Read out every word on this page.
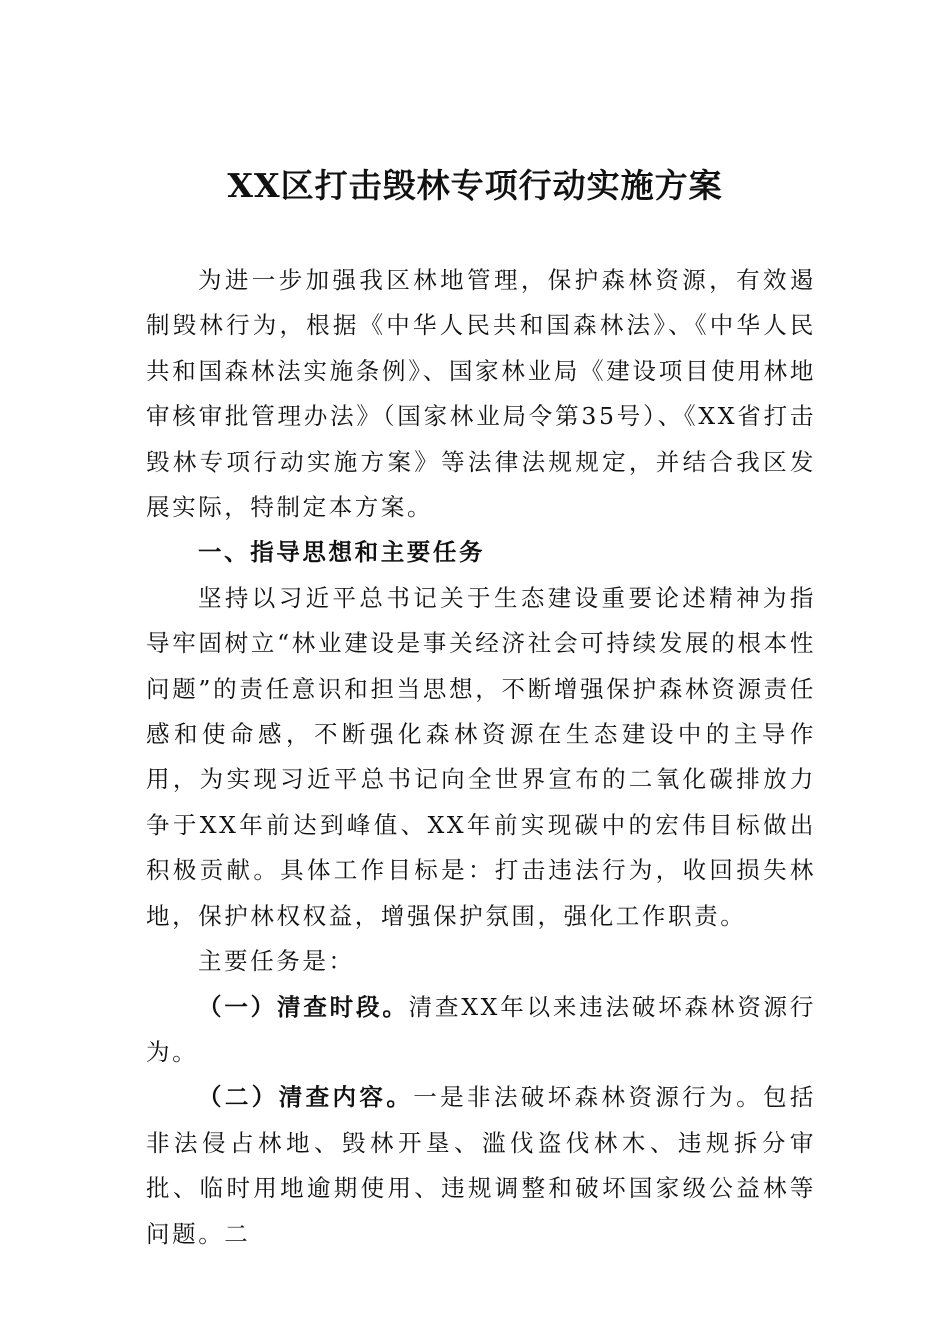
XX区打击毁林专项行动实施方案

为进一步加强我区林地管理，保护森林资源，有效遏制毁林行为，根据《中华人民共和国森林法》、《中华人民共和国森林法实施条例》、国家林业局《建设项目使用林地审核审批管理办法》（国家林业局令第35号）、《XX省打击毁林专项行动实施方案》等法律法规规定，并结合我区发展实际，特制定本方案。

一、指导思想和主要任务

坚持以习近平总书记关于生态建设重要论述精神为指导牢固树立“林业建设是事关经济社会可持续发展的根本性问题”的责任意识和担当思想，不断增强保护森林资源责任感和使命感，不断强化森林资源在生态建设中的主导作用，为实现习近平总书记向全世界宣布的二氧化碳排放力争于XX年前达到峰值、XX年前实现碳中的宏伟目标做出积极贡献。具体工作目标是：打击违法行为，收回损失林地，保护林权权益，增强保护氛围，强化工作职责。

主要任务是：

（一）清查时段。清查XX年以来违法破坏森林资源行为。

（二）清查内容。一是非法破坏森林资源行为。包括非法侵占林地、毁林开垦、滥伐盗伐林木、违规拆分审批、临时用地逾期使用、违规调整和破坏国家级公益林等问题。二
